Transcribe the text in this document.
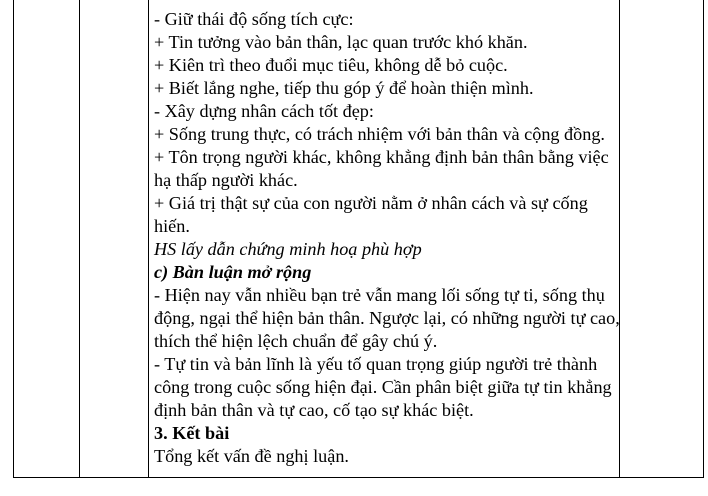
- Giữ thái độ sống tích cực:

+ Tin tưởng vào bản thân, lạc quan trước khó khăn.

+ Kiên trì theo đuổi mục tiêu, không dễ bỏ cuộc.

+ Biết lắng nghe, tiếp thu góp ý để hoàn thiện mình.

- Xây dựng nhân cách tốt đẹp:

+ Sống trung thực, có trách nhiệm với bản thân và cộng đồng.

+ Tôn trọng người khác, không khẳng định bản thân bằng việc

hạ thấp người khác.

+ Giá trị thật sự của con người nằm ở nhân cách và sự cống

hiến.

HS lấy dẫn chứng minh hoạ phù hợp

c) Bàn luận mở rộng

- Hiện nay vẫn nhiều bạn trẻ vẫn mang lối sống tự ti, sống thụ

động, ngại thể hiện bản thân. Ngược lại, có những người tự cao,

thích thể hiện lệch chuẩn để gây chú ý.

- Tự tin và bản lĩnh là yếu tố quan trọng giúp người trẻ thành

công trong cuộc sống hiện đại. Cần phân biệt giữa tự tin khẳng

định bản thân và tự cao, cố tạo sự khác biệt.

3. Kết bài

Tổng kết vấn đề nghị luận.
